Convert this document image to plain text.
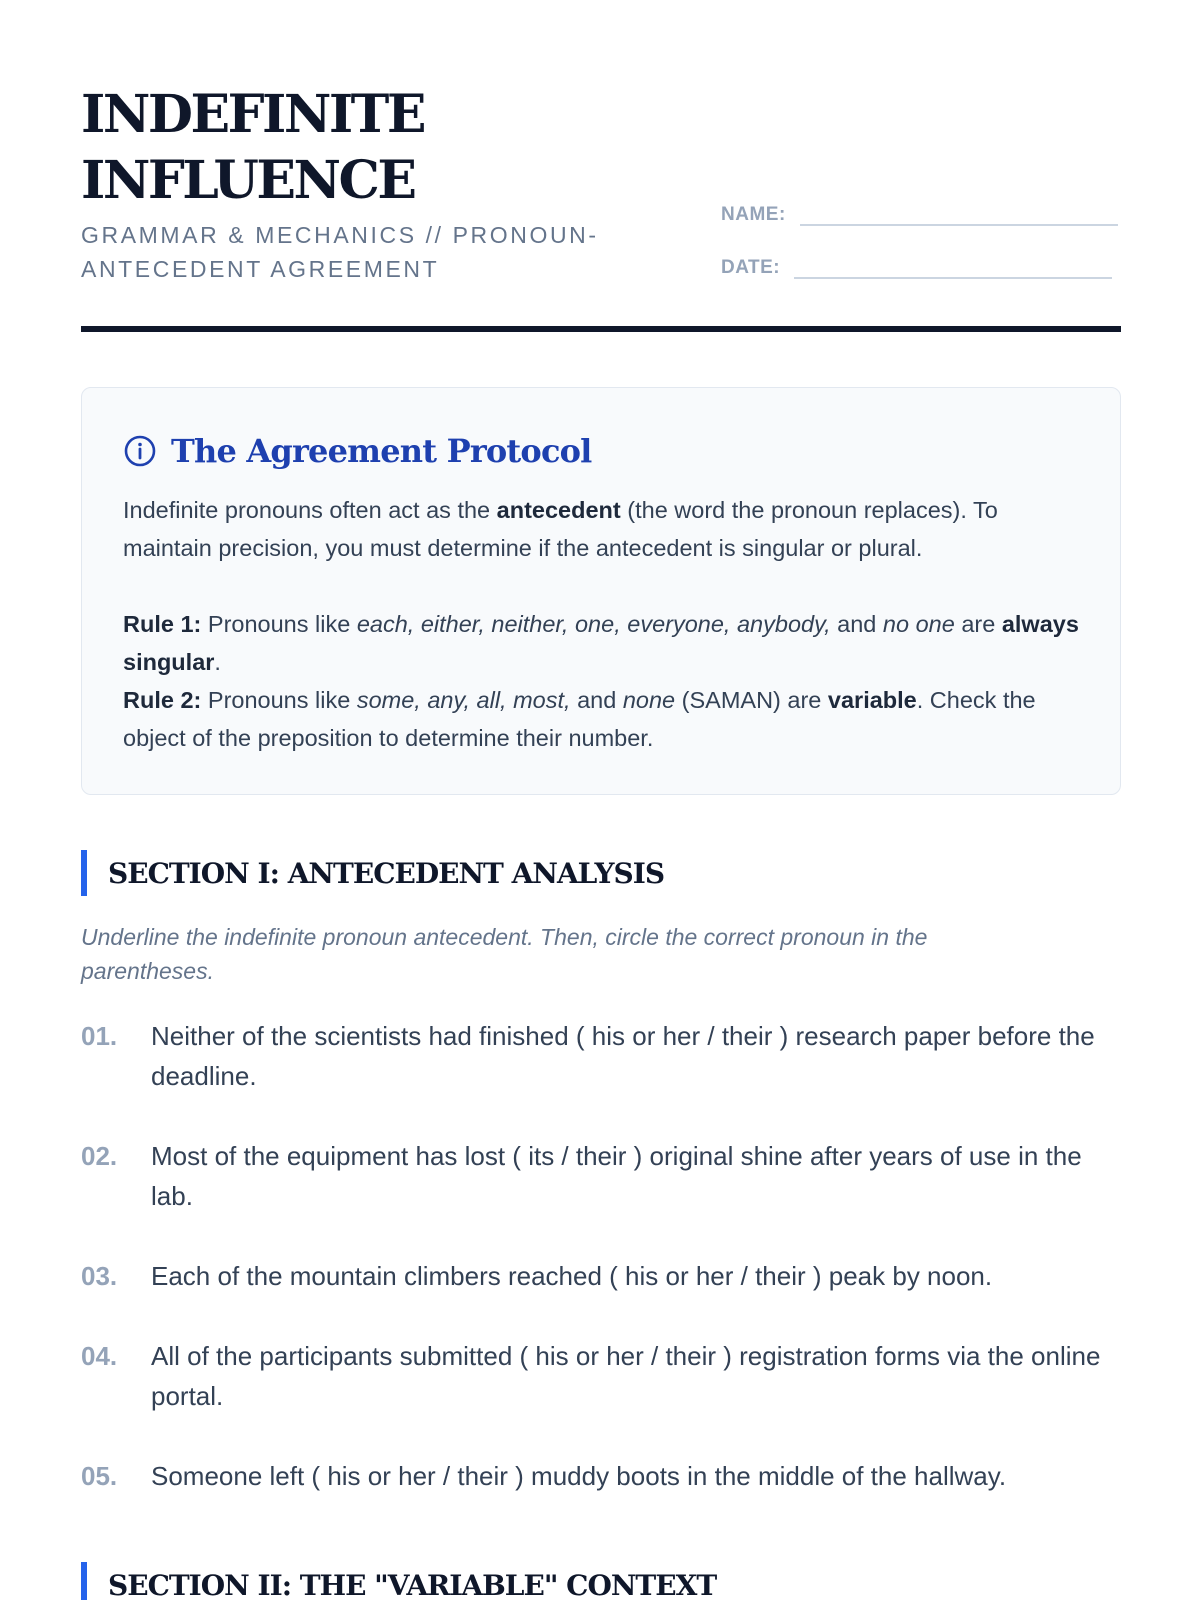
INDEFINITE
INFLUENCE
GRAMMAR & MECHANICS // PRONOUN-ANTECEDENT AGREEMENT
NAME:
DATE:
The Agreement Protocol

Indefinite pronouns often act as the antecedent (the word the pronoun replaces). To maintain precision, you must determine if the antecedent is singular or plural.

Rule 1: Pronouns like each, either, neither, one, everyone, anybody, and no one are always singular.

Rule 2: Pronouns like some, any, all, most, and none (SAMAN) are variable. Check the object of the preposition to determine their number.

SECTION I: ANTECEDENT ANALYSIS
Underline the indefinite pronoun antecedent. Then, circle the correct pronoun in the parentheses.
01.	Neither of the scientists had finished ( his or her / their ) research paper before the deadline.
02.	Most of the equipment has lost ( its / their ) original shine after years of use in the lab.
03.	Each of the mountain climbers reached ( his or her / their ) peak by noon.
04.	All of the participants submitted ( his or her / their ) registration forms via the online portal.
05.	Someone left ( his or her / their ) muddy boots in the middle of the hallway.
SECTION II: THE "VARIABLE" CONTEXT
